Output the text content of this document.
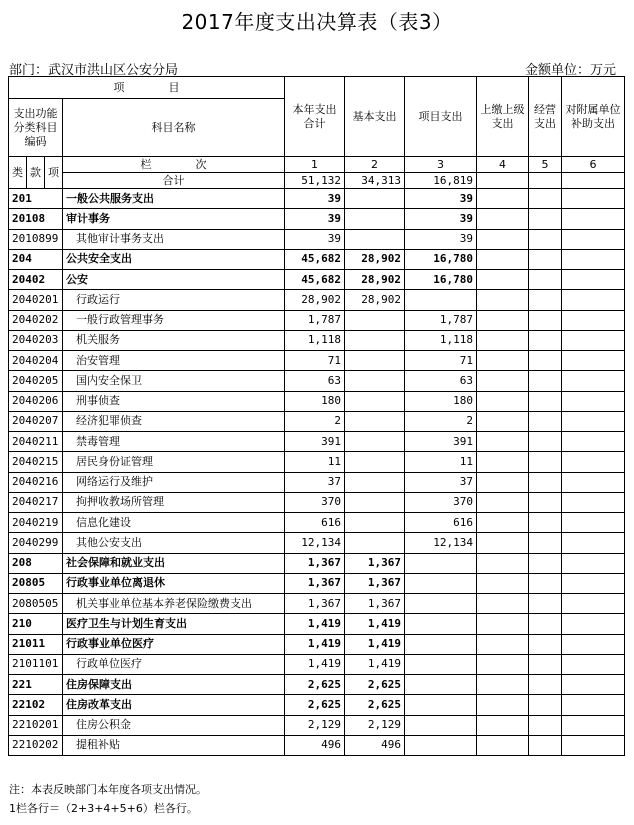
2017年度支出决算表（表3）
部门：武汉市洪山区公安分局	金额单位：万元
项　　　　目				本年支出合计	基本支出	项目支出	上缴上级支出	经营支出	对附属单位补助支出
支出功能分类科目编码			科目名称						

类	款	项	栏　　　　次	1	2	3	4	5	6
			合计	51,132	34,313	16,819			
201			一般公共服务支出	39		39			
20108			审计事务	39		39			
2010899			其他审计事务支出	39		39			
204			公共安全支出	45,682	28,902	16,780			
20402			公安	45,682	28,902	16,780			
2040201			行政运行	28,902	28,902				
2040202			一般行政管理事务	1,787		1,787			
2040203			机关服务	1,118		1,118			
2040204			治安管理	71		71			
2040205			国内安全保卫	63		63			
2040206			刑事侦查	180		180			
2040207			经济犯罪侦查	2		2			
2040211			禁毒管理	391		391			
2040215			居民身份证管理	11		11			
2040216			网络运行及维护	37		37			
2040217			拘押收教场所管理	370		370			
2040219			信息化建设	616		616			
2040299			其他公安支出	12,134		12,134			
208			社会保障和就业支出	1,367	1,367				
20805			行政事业单位离退休	1,367	1,367				
2080505			机关事业单位基本养老保险缴费支出	1,367	1,367				
210			医疗卫生与计划生育支出	1,419	1,419				
21011			行政事业单位医疗	1,419	1,419				
2101101			行政单位医疗	1,419	1,419				
221			住房保障支出	2,625	2,625				
22102			住房改革支出	2,625	2,625				
2210201			住房公积金	2,129	2,129				
2210202			提租补贴	496	496				
注：本表反映部门本年度各项支出情况。
1栏各行＝（2+3+4+5+6）栏各行。
